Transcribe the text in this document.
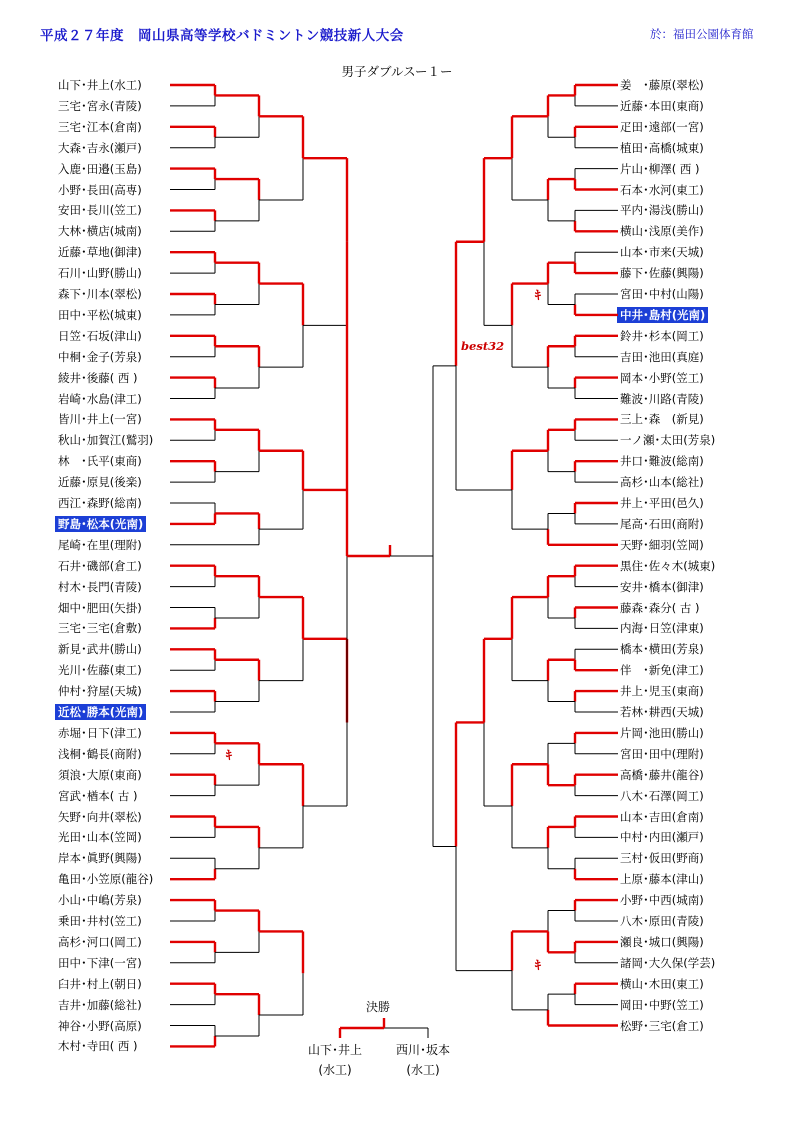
平成２７年度　岡山県高等学校バドミントン競技新人大会	於：福田公園体育館
男子ダブルスー１ー
山下･井上(水工)
三宅･宮永(青陵)
三宅･江本(倉南)
大森･吉永(瀬戸)
入鹿･田邉(玉島)
小野･長田(高専)
安田･長川(笠工)
大林･横店(城南)
近藤･草地(御津)
石川･山野(勝山)
森下･川本(翠松)
田中･平松(城東)
日笠･石坂(津山)
中桐･金子(芳泉)
綾井･後藤( 西 )
岩崎･水島(津工)
皆川･井上(一宮)
秋山･加賀江(鷲羽)
林　･氏平(東商)
近藤･原見(後楽)
西江･森野(総南)
野島･松本(光南)
尾崎･在里(理附)
石井･磯部(倉工)
村木･長門(青陵)
畑中･肥田(矢掛)
三宅･三宅(倉敷)
新見･武井(勝山)
光川･佐藤(東工)
仲村･狩屋(天城)
近松･勝本(光南)
赤堀･日下(津工)
浅桐･鶴長(商附)
須浪･大原(東商)
宮武･楢本( 古 )
矢野･向井(翠松)
光田･山本(笠岡)
岸本･眞野(興陽)
亀田･小笠原(龍谷)
小山･中嶋(芳泉)
乗田･井村(笠工)
高杉･河口(岡工)
田中･下津(一宮)
臼井･村上(朝日)
吉井･加藤(総社)
神谷･小野(高原)
木村･寺田( 西 )
姜　･藤原(翠松)
近藤･本田(東商)
疋田･遠部(一宮)
植田･高橋(城東)
片山･柳澤( 西 )
石本･水河(東工)
平内･湯浅(勝山)
横山･浅原(美作)
山本･市来(天城)
藤下･佐藤(興陽)
宮田･中村(山陽)
中井･島村(光南)
鈴井･杉本(岡工)
吉田･池田(真庭)
岡本･小野(笠工)
難波･川路(青陵)
三上･森　(新見)
一ノ瀬･太田(芳泉)
井口･難波(総南)
高杉･山本(総社)
井上･平田(邑久)
尾高･石田(商附)
天野･細羽(笠岡)
黒住･佐々木(城東)
安井･橋本(御津)
藤森･森分( 古 )
内海･日笠(津東)
橋本･横田(芳泉)
伴　･新免(津工)
井上･児玉(東商)
若林･耕西(天城)
片岡･池田(勝山)
宮田･田中(理附)
高橋･藤井(龍谷)
八木･石澤(岡工)
山本･吉田(倉南)
中村･内田(瀬戸)
三村･仮田(野商)
上原･藤本(津山)
小野･中西(城南)
八木･原田(青陵)
瀬良･城口(興陽)
諸岡･大久保(学芸)
横山･木田(東工)
岡田･中野(笠工)
松野･三宅(倉工)
ｷ
ｷ
ｷ
best32
決勝
山下･井上
(水工)
西川･坂本
(水工)
